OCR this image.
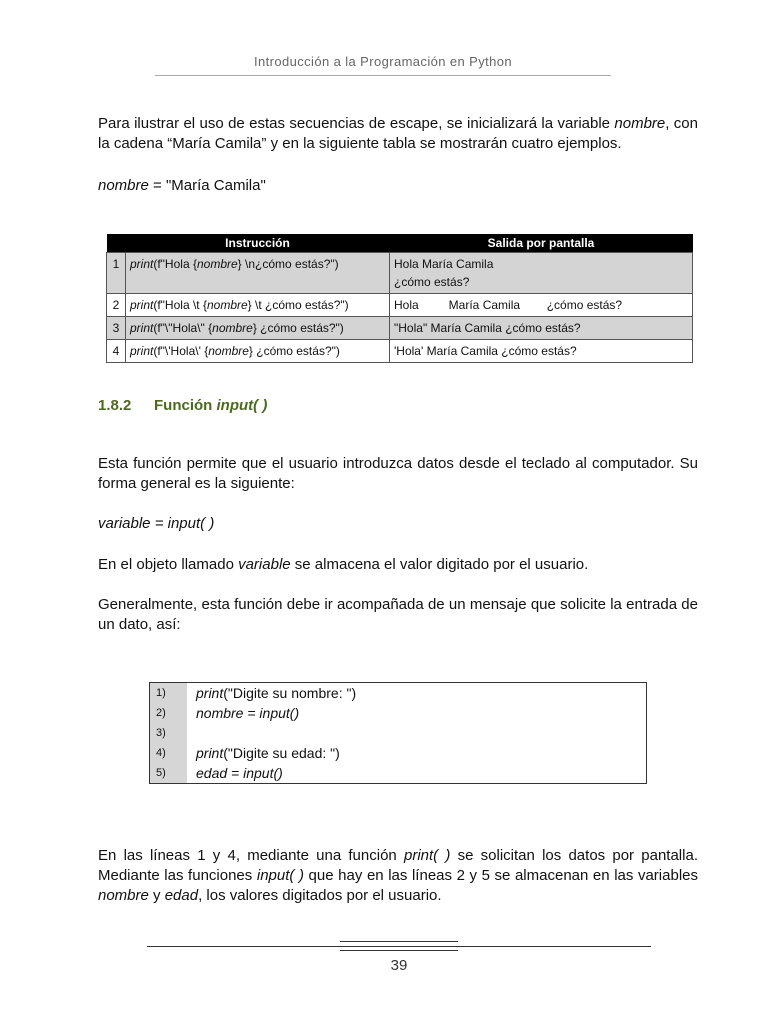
Introducción a la Programación en Python
Para ilustrar el uso de estas secuencias de escape, se inicializará la variable nombre, con la cadena “María Camila” y en la siguiente tabla se mostrarán cuatro ejemplos.
nombre = "María Camila"
	Instrucción	Salida por pantalla
1	print(f"Hola {nombre} \n¿cómo estás?")	Hola María Camila
¿cómo estás?
2	print(f"Hola \t {nombre} \t ¿cómo estás?")	Hola         María Camila        ¿cómo estás?
3	print(f"\"Hola\" {nombre} ¿cómo estás?")	"Hola" María Camila ¿cómo estás?
4	print(f"\'Hola\' {nombre} ¿cómo estás?")	'Hola' María Camila ¿cómo estás?
1.8.2 Función input( )
Esta función permite que el usuario introduzca datos desde el teclado al computador. Su forma general es la siguiente:
variable = input( )
En el objeto llamado variable se almacena el valor digitado por el usuario.
Generalmente, esta función debe ir acompañada de un mensaje que solicite la entrada de un dato, así:
1)	print("Digite su nombre: ")
2)	nombre = input()
3)
4)	print("Digite su edad: ")
5)	edad = input()
En las líneas 1 y 4, mediante una función print( ) se solicitan los datos por pantalla. Mediante las funciones input( ) que hay en las líneas 2 y 5 se almacenan en las variables nombre y edad, los valores digitados por el usuario.
39
